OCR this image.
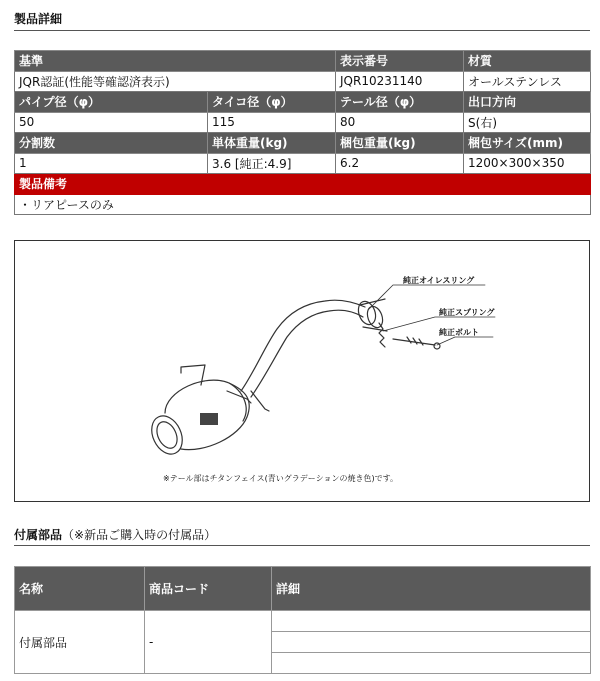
製品詳細
基準		表示番号	材質
JQR認証(性能等確認済表示)		JQR10231140	オールステンレス
パイプ径（φ）	タイコ径（φ）	テール径（φ）	出口方向
50	115	80	S(右)
分割数	単体重量(kg)	梱包重量(kg)	梱包サイズ(mm)
1	3.6 [純正:4.9]	6.2	1200×300×350
製品備考			
・リアピースのみ			
純正オイレスリング
純正スプリング
純正ボルト
※テール部はチタンフェイス(青いグラデーションの焼き色)です。
付属部品（※新品ご購入時の付属品）
名称	商品コード	詳細
付属部品	-	
